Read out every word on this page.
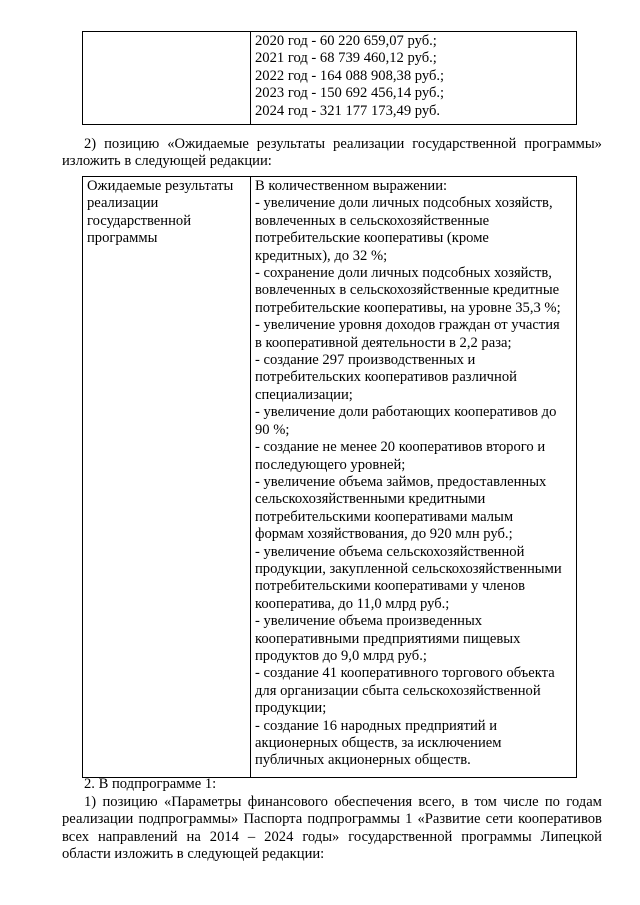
2020 год - 60 220 659,07 руб.;
2021 год - 68 739 460,12 руб.;
2022 год - 164 088 908,38 руб.;
2023 год - 150 692 456,14 руб.;
2024 год - 321 177 173,49 руб.
2) позицию «Ожидаемые результаты реализации государственной программы»
изложить в следующей редакции:
Ожидаемые результаты
реализации
государственной
программы

В количественном выражении:
- увеличение доли личных подсобных хозяйств,
вовлеченных в сельскохозяйственные
потребительские кооперативы (кроме
кредитных), до 32 %;
- сохранение доли личных подсобных хозяйств,
вовлеченных в сельскохозяйственные кредитные
потребительские кооперативы, на уровне 35,3 %;
- увеличение уровня доходов граждан от участия
в кооперативной деятельности в 2,2 раза;
- создание 297 производственных и
потребительских кооперативов различной
специализации;
- увеличение доли работающих кооперативов до
90 %;
- создание не менее 20 кооперативов второго и
последующего уровней;
- увеличение объема займов, предоставленных
сельскохозяйственными кредитными
потребительскими кооперативами малым
формам хозяйствования, до 920 млн руб.;
- увеличение объема сельскохозяйственной
продукции, закупленной сельскохозяйственными
потребительскими кооперативами у членов
кооператива, до 11,0 млрд руб.;
- увеличение объема произведенных
кооперативными предприятиями пищевых
продуктов до 9,0 млрд руб.;
- создание 41 кооперативного торгового объекта
для организации сбыта сельскохозяйственной
продукции;
- создание 16 народных предприятий и
акционерных обществ, за исключением
публичных акционерных обществ.
2. В подпрограмме 1:
1) позицию «Параметры финансового обеспечения всего, в том числе по годам
реализации подпрограммы» Паспорта подпрограммы 1 «Развитие сети кооперативов
всех направлений на 2014 – 2024 годы» государственной программы Липецкой
области изложить в следующей редакции:
